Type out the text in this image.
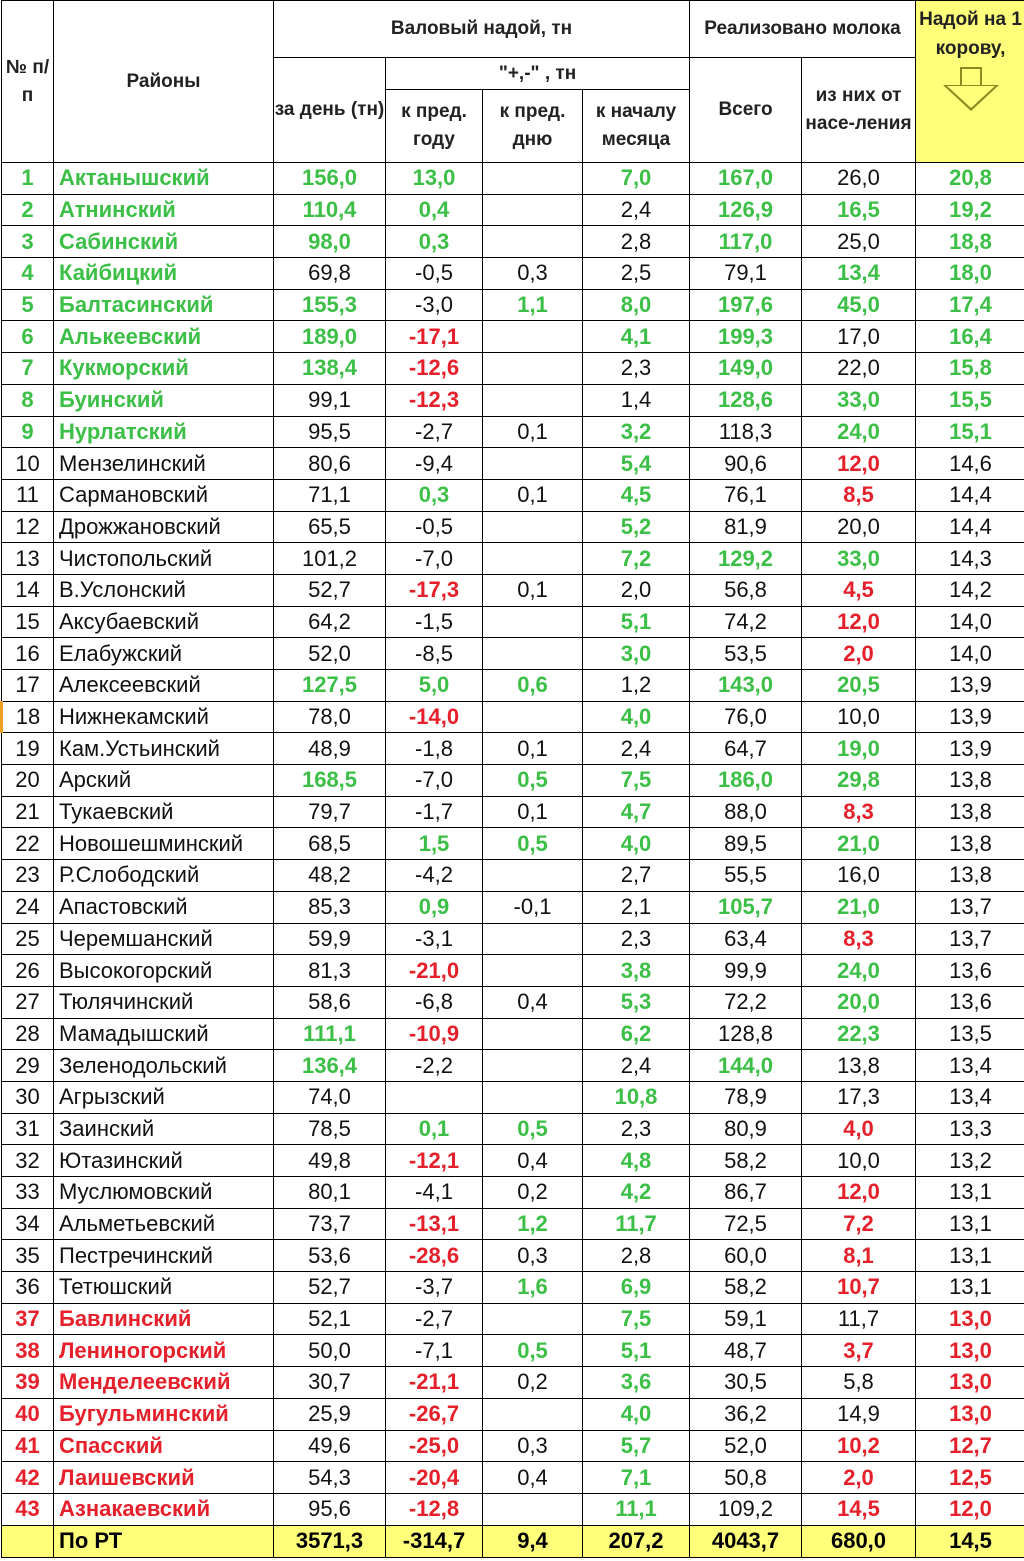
№ п/п	Районы	Валовый надой, тн				Реализовано молока		Надой на 1 корову,

		за день (тн)	"+,-" , тн			Всего	из них от насе-ления	
			к пред. году	к пред. дню	к началу месяца			
1	Актанышский	156,0	13,0		7,0	167,0	26,0	20,8
2	Атнинский	110,4	0,4		2,4	126,9	16,5	19,2
3	Сабинский	98,0	0,3		2,8	117,0	25,0	18,8
4	Кайбицкий	69,8	-0,5	0,3	2,5	79,1	13,4	18,0
5	Балтасинский	155,3	-3,0	1,1	8,0	197,6	45,0	17,4
6	Алькеевский	189,0	-17,1		4,1	199,3	17,0	16,4
7	Кукморский	138,4	-12,6		2,3	149,0	22,0	15,8
8	Буинский	99,1	-12,3		1,4	128,6	33,0	15,5
9	Нурлатский	95,5	-2,7	0,1	3,2	118,3	24,0	15,1
10	Мензелинский	80,6	-9,4		5,4	90,6	12,0	14,6
11	Сармановский	71,1	0,3	0,1	4,5	76,1	8,5	14,4
12	Дрожжановский	65,5	-0,5		5,2	81,9	20,0	14,4
13	Чистопольский	101,2	-7,0		7,2	129,2	33,0	14,3
14	В.Услонский	52,7	-17,3	0,1	2,0	56,8	4,5	14,2
15	Аксубаевский	64,2	-1,5		5,1	74,2	12,0	14,0
16	Елабужский	52,0	-8,5		3,0	53,5	2,0	14,0
17	Алексеевский	127,5	5,0	0,6	1,2	143,0	20,5	13,9
18	Нижнекамский	78,0	-14,0		4,0	76,0	10,0	13,9
19	Кам.Устьинский	48,9	-1,8	0,1	2,4	64,7	19,0	13,9
20	Арский	168,5	-7,0	0,5	7,5	186,0	29,8	13,8
21	Тукаевский	79,7	-1,7	0,1	4,7	88,0	8,3	13,8
22	Новошешминский	68,5	1,5	0,5	4,0	89,5	21,0	13,8
23	Р.Слободский	48,2	-4,2		2,7	55,5	16,0	13,8
24	Апастовский	85,3	0,9	-0,1	2,1	105,7	21,0	13,7
25	Черемшанский	59,9	-3,1		2,3	63,4	8,3	13,7
26	Высокогорский	81,3	-21,0		3,8	99,9	24,0	13,6
27	Тюлячинский	58,6	-6,8	0,4	5,3	72,2	20,0	13,6
28	Мамадышский	111,1	-10,9		6,2	128,8	22,3	13,5
29	Зеленодольский	136,4	-2,2		2,4	144,0	13,8	13,4
30	Агрызский	74,0			10,8	78,9	17,3	13,4
31	Заинский	78,5	0,1	0,5	2,3	80,9	4,0	13,3
32	Ютазинский	49,8	-12,1	0,4	4,8	58,2	10,0	13,2
33	Муслюмовский	80,1	-4,1	0,2	4,2	86,7	12,0	13,1
34	Альметьевский	73,7	-13,1	1,2	11,7	72,5	7,2	13,1
35	Пестречинский	53,6	-28,6	0,3	2,8	60,0	8,1	13,1
36	Тетюшский	52,7	-3,7	1,6	6,9	58,2	10,7	13,1
37	Бавлинский	52,1	-2,7		7,5	59,1	11,7	13,0
38	Лениногорский	50,0	-7,1	0,5	5,1	48,7	3,7	13,0
39	Менделеевский	30,7	-21,1	0,2	3,6	30,5	5,8	13,0
40	Бугульминский	25,9	-26,7		4,0	36,2	14,9	13,0
41	Спасский	49,6	-25,0	0,3	5,7	52,0	10,2	12,7
42	Лаишевский	54,3	-20,4	0,4	7,1	50,8	2,0	12,5
43	Азнакаевский	95,6	-12,8		11,1	109,2	14,5	12,0
	По РТ	3571,3	-314,7	9,4	207,2	4043,7	680,0	14,5
